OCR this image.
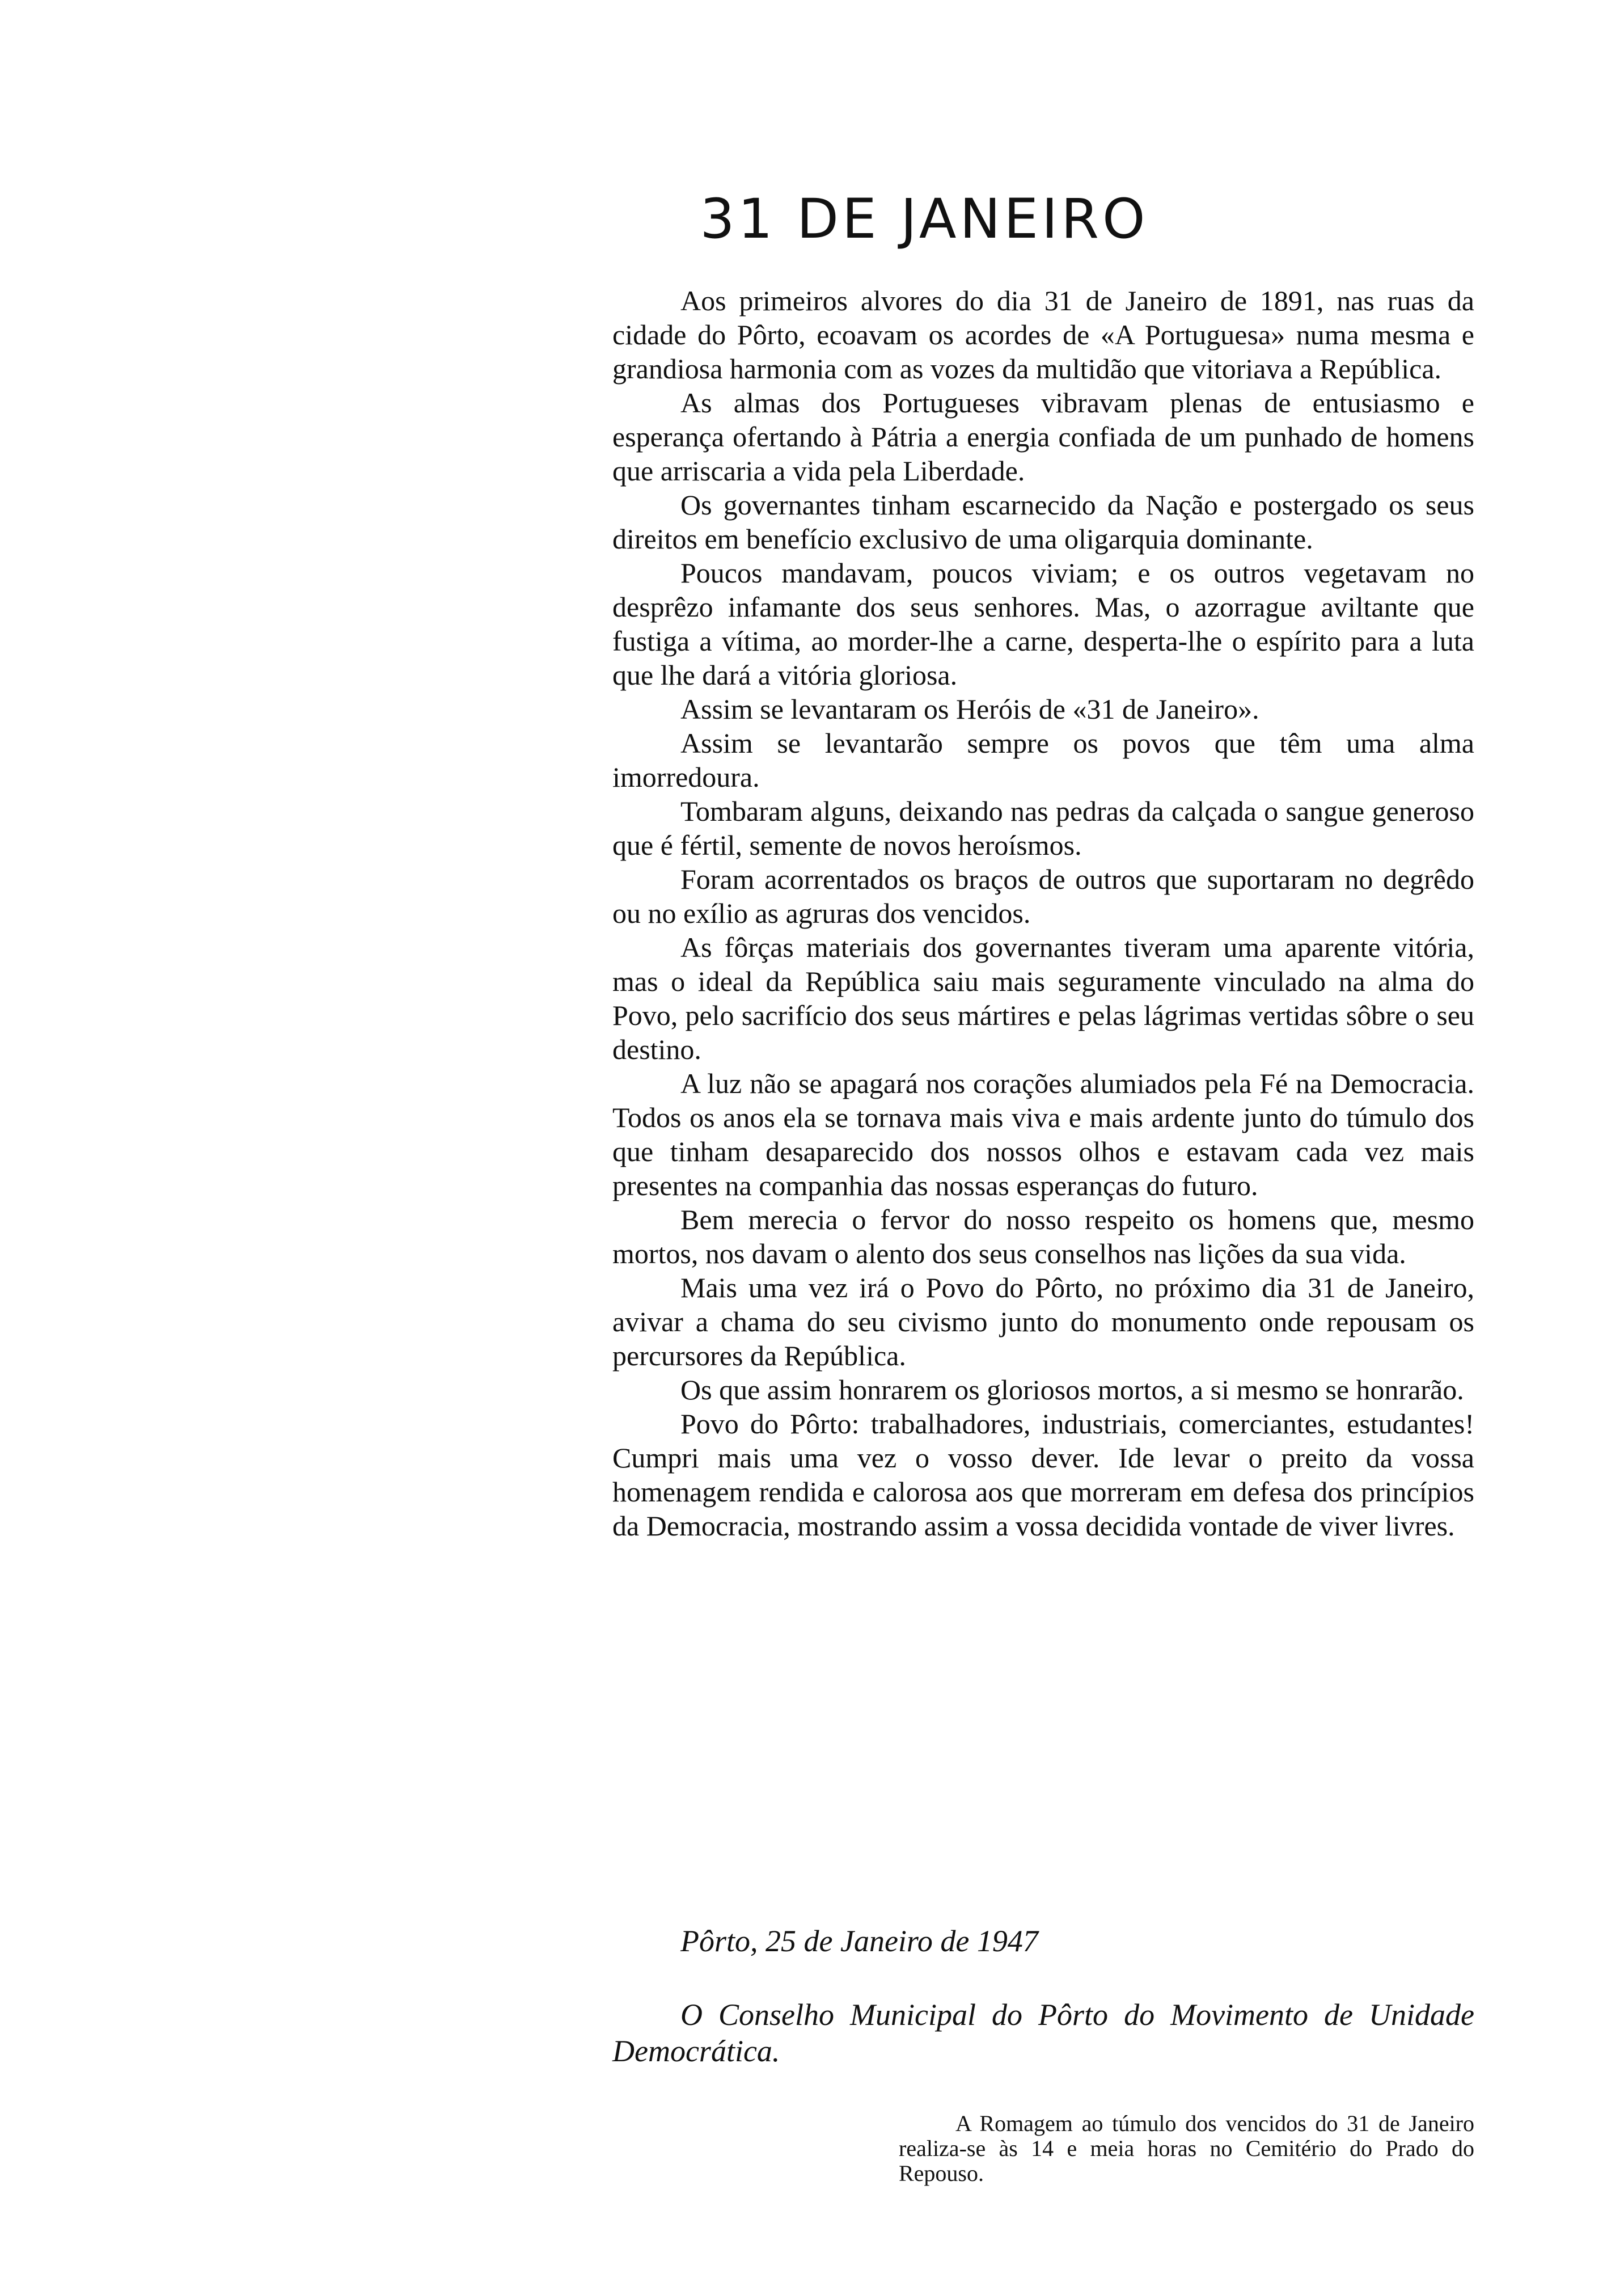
31 DE JANEIRO

Aos primeiros alvores do dia 31 de Janeiro de 1891, nas ruas da cidade do Pôrto, ecoavam os acordes de «A Portuguesa» numa mesma e grandiosa harmonia com as vozes da multidão que vitoriava a República.

As almas dos Portugueses vibravam plenas de entusiasmo e esperança ofertando à Pátria a energia confiada de um punhado de homens que arriscaria a vida pela Liberdade.

Os governantes tinham escarnecido da Nação e postergado os seus direitos em benefício exclusivo de uma oligarquia dominante.

Poucos mandavam, poucos viviam; e os outros vegetavam no desprêzo infamante dos seus senhores. Mas, o azorrague aviltante que fustiga a vítima, ao morder-lhe a carne, desperta-lhe o espírito para a luta que lhe dará a vitória gloriosa.

Assim se levantaram os Heróis de «31 de Janeiro».

Assim se levantarão sempre os povos que têm uma alma imorredoura.

Tombaram alguns, deixando nas pedras da calçada o sangue generoso que é fértil, semente de novos heroísmos.

Foram acorrentados os braços de outros que suportaram no degrêdo ou no exílio as agruras dos vencidos.

As fôrças materiais dos governantes tiveram uma aparente vitória, mas o ideal da República saiu mais seguramente vinculado na alma do Povo, pelo sacrifício dos seus mártires e pelas lágrimas vertidas sôbre o seu destino.

A luz não se apagará nos corações alumiados pela Fé na Democracia. Todos os anos ela se tornava mais viva e mais ardente junto do túmulo dos que tinham desaparecido dos nossos olhos e estavam cada vez mais presentes na companhia das nossas esperanças do futuro.

Bem merecia o fervor do nosso respeito os homens que, mesmo mortos, nos davam o alento dos seus conselhos nas lições da sua vida.

Mais uma vez irá o Povo do Pôrto, no próximo dia 31 de Janeiro, avivar a chama do seu civismo junto do monumento onde repousam os percursores da República.

Os que assim honrarem os gloriosos mortos, a si mesmo se honrarão.

Povo do Pôrto: trabalhadores, industriais, comerciantes, estudantes! Cumpri mais uma vez o vosso dever. Ide levar o preito da vossa homenagem rendida e calorosa aos que morreram em defesa dos princípios da Democracia, mostrando assim a vossa decidida vontade de viver livres.

Pôrto, 25 de Janeiro de 1947

O Conselho Municipal do Pôrto do Movimento de Unidade Democrática.

A Romagem ao túmulo dos vencidos do 31 de Janeiro realiza-se às 14 e meia horas no Cemitério do Prado do Repouso.
